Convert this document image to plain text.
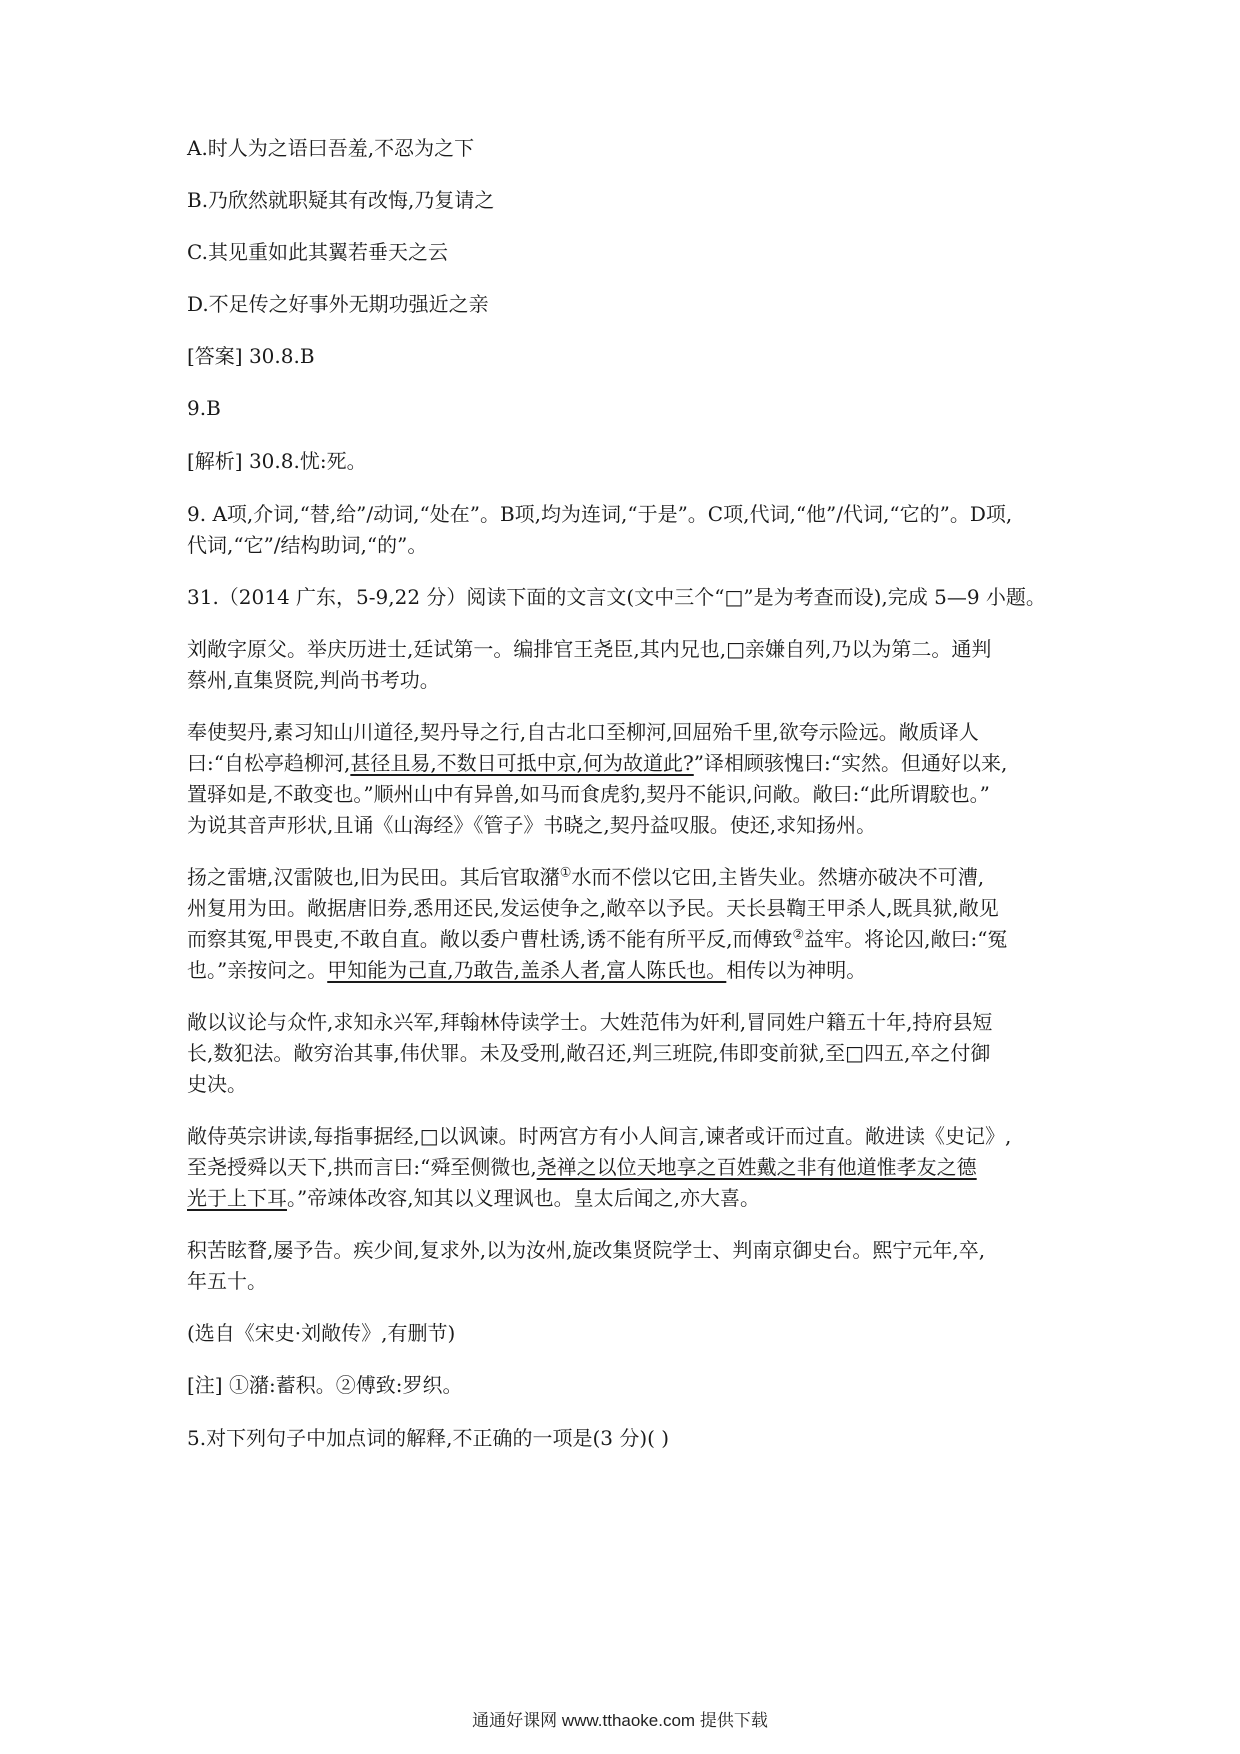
A.时人为之语曰吾羞,不忍为之下

B.乃欣然就职疑其有改悔,乃复请之

C.其见重如此其翼若垂天之云

D.不足传之好事外无期功强近之亲

[答案] 30.8.B

9.B

[解析] 30.8.忧:死。

9. A项,介词,“替,给”/动词,“处在”。B项,均为连词,“于是”。C项,代词,“他”/代词,“它的”。D项,

代词,“它”/结构助词,“的”。

31.（2014 广东，5-9,22 分）阅读下面的文言文(文中三个“□”是为考查而设),完成 5—9 小题。

刘敞字原父。举庆历进士,廷试第一。编排官王尧臣,其内兄也,□亲嫌自列,乃以为第二。通判

蔡州,直集贤院,判尚书考功。

奉使契丹,素习知山川道径,契丹导之行,自古北口至柳河,回屈殆千里,欲夸示险远。敞质译人

曰:“自松亭趋柳河,甚径且易,不数日可抵中京,何为故道此?”译相顾骇愧曰:“实然。但通好以来,

置驿如是,不敢变也。”顺州山中有异兽,如马而食虎豹,契丹不能识,问敞。敞曰:“此所谓駮也。”

为说其音声形状,且诵《山海经》《管子》书晓之,契丹益叹服。使还,求知扬州。

扬之雷塘,汉雷陂也,旧为民田。其后官取潴①水而不偿以它田,主皆失业。然塘亦破决不可漕,

州复用为田。敞据唐旧券,悉用还民,发运使争之,敞卒以予民。天长县鞫王甲杀人,既具狱,敞见

而察其冤,甲畏吏,不敢自直。敞以委户曹杜诱,诱不能有所平反,而傅致②益牢。将论囚,敞曰:“冤

也。”亲按问之。甲知能为己直,乃敢告,盖杀人者,富人陈氏也。相传以为神明。

敞以议论与众忤,求知永兴军,拜翰林侍读学士。大姓范伟为奸利,冒同姓户籍五十年,持府县短

长,数犯法。敞穷治其事,伟伏罪。未及受刑,敞召还,判三班院,伟即变前狱,至□四五,卒之付御

史决。

敞侍英宗讲读,每指事据经,□以讽谏。时两宫方有小人间言,谏者或讦而过直。敞进读《史记》,

至尧授舜以天下,拱而言曰:“舜至侧微也,尧禅之以位天地享之百姓戴之非有他道惟孝友之德

光于上下耳。”帝竦体改容,知其以义理讽也。皇太后闻之,亦大喜。

积苦眩瞀,屡予告。疾少间,复求外,以为汝州,旋改集贤院学士、判南京御史台。熙宁元年,卒,

年五十。

(选自《宋史·刘敞传》,有删节)

[注] ①潴:蓄积。②傅致:罗织。

5.对下列句子中加点词的解释,不正确的一项是(3 分)( )

通通好课网 www.tthaoke.com 提供下载
